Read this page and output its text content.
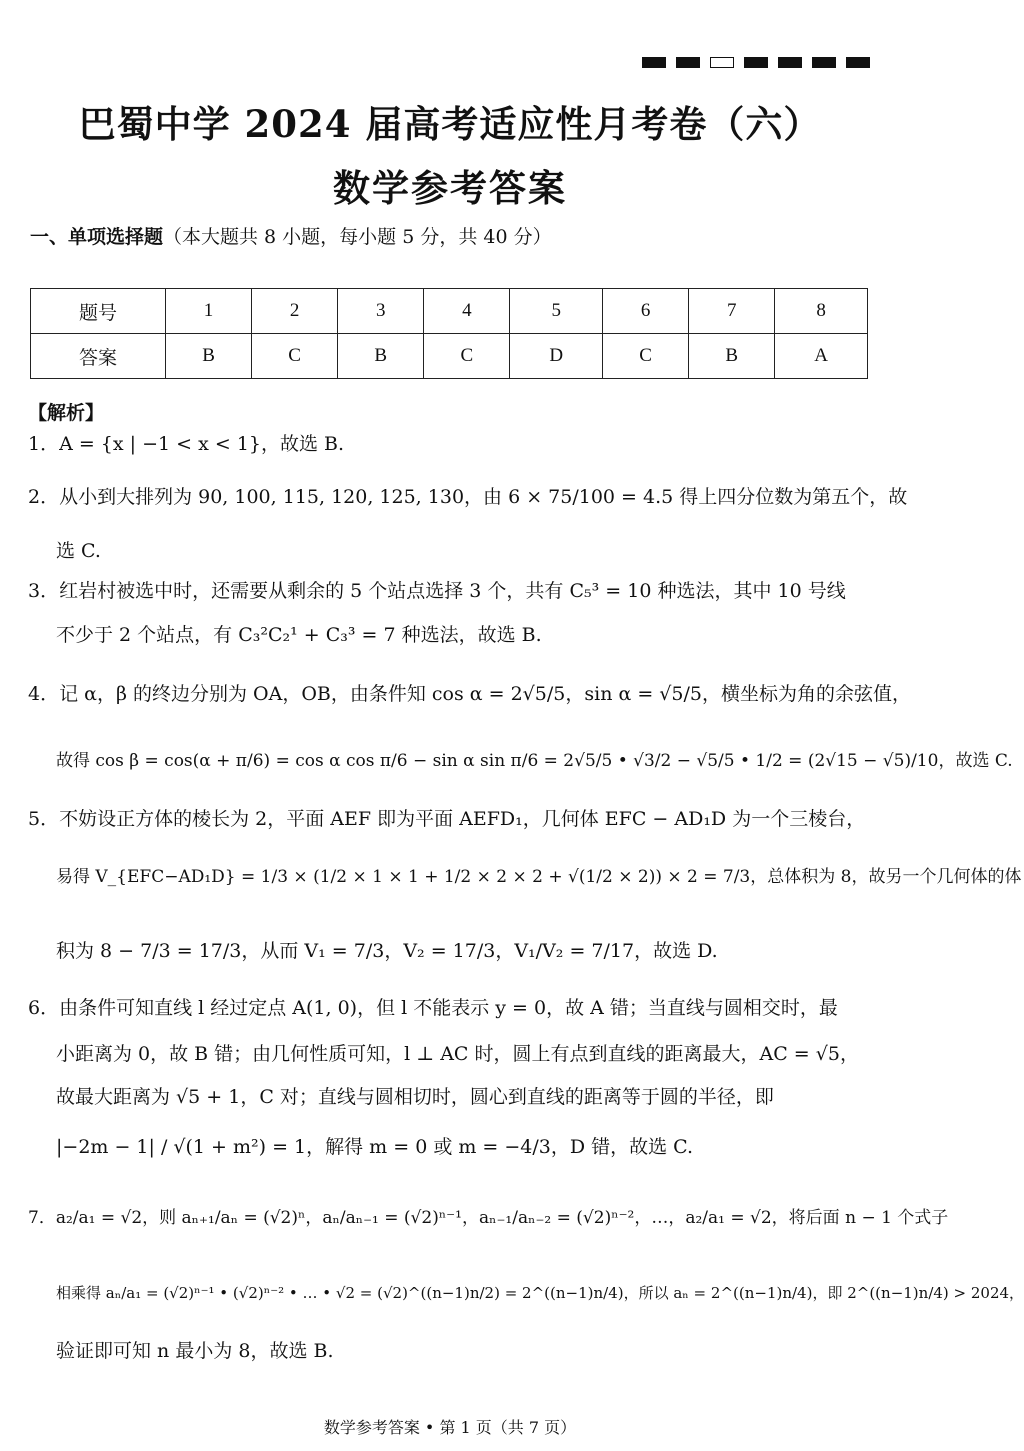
巴蜀中学 2024 届高考适应性月考卷（六）
数学参考答案
一、单项选择题（本大题共 8 小题，每小题 5 分，共 40 分）
题号	1	2	3	4	5	6	7	8
答案	B	C	B	C	D	C	B	A
【解析】
1．A = {x | −1 < x < 1}，故选 B.
2．从小到大排列为 90, 100, 115, 120, 125, 130，由 6 × 75/100 = 4.5 得上四分位数为第五个，故
选 C.
3．红岩村被选中时，还需要从剩余的 5 个站点选择 3 个，共有 C₅³ = 10 种选法，其中 10 号线
不少于 2 个站点，有 C₃²C₂¹ + C₃³ = 7 种选法，故选 B.
4．记 α，β 的终边分别为 OA，OB，由条件知 cos α = 2√5/5，sin α = √5/5，横坐标为角的余弦值，
故得 cos β = cos(α + π/6) = cos α cos π/6 − sin α sin π/6 = 2√5/5 • √3/2 − √5/5 • 1/2 = (2√15 − √5)/10，故选 C.
5．不妨设正方体的棱长为 2，平面 AEF 即为平面 AEFD₁，几何体 EFC − AD₁D 为一个三棱台，
易得 V_{EFC−AD₁D} = 1/3 × (1/2 × 1 × 1 + 1/2 × 2 × 2 + √(1/2 × 2)) × 2 = 7/3，总体积为 8，故另一个几何体的体
积为 8 − 7/3 = 17/3，从而 V₁ = 7/3，V₂ = 17/3，V₁/V₂ = 7/17，故选 D.
6．由条件可知直线 l 经过定点 A(1, 0)，但 l 不能表示 y = 0，故 A 错；当直线与圆相交时，最
小距离为 0，故 B 错；由几何性质可知，l ⊥ AC 时，圆上有点到直线的距离最大，AC = √5，
故最大距离为 √5 + 1，C 对；直线与圆相切时，圆心到直线的距离等于圆的半径，即
|−2m − 1| / √(1 + m²) = 1，解得 m = 0 或 m = −4/3，D 错，故选 C.
7．a₂/a₁ = √2，则 aₙ₊₁/aₙ = (√2)ⁿ，aₙ/aₙ₋₁ = (√2)ⁿ⁻¹，aₙ₋₁/aₙ₋₂ = (√2)ⁿ⁻²，…，a₂/a₁ = √2，将后面 n − 1 个式子
相乘得 aₙ/a₁ = (√2)ⁿ⁻¹ • (√2)ⁿ⁻² • … • √2 = (√2)^((n−1)n/2) = 2^((n−1)n/4)，所以 aₙ = 2^((n−1)n/4)，即 2^((n−1)n/4) > 2024，
验证即可知 n 最小为 8，故选 B.
数学参考答案 • 第 1 页（共 7 页）
